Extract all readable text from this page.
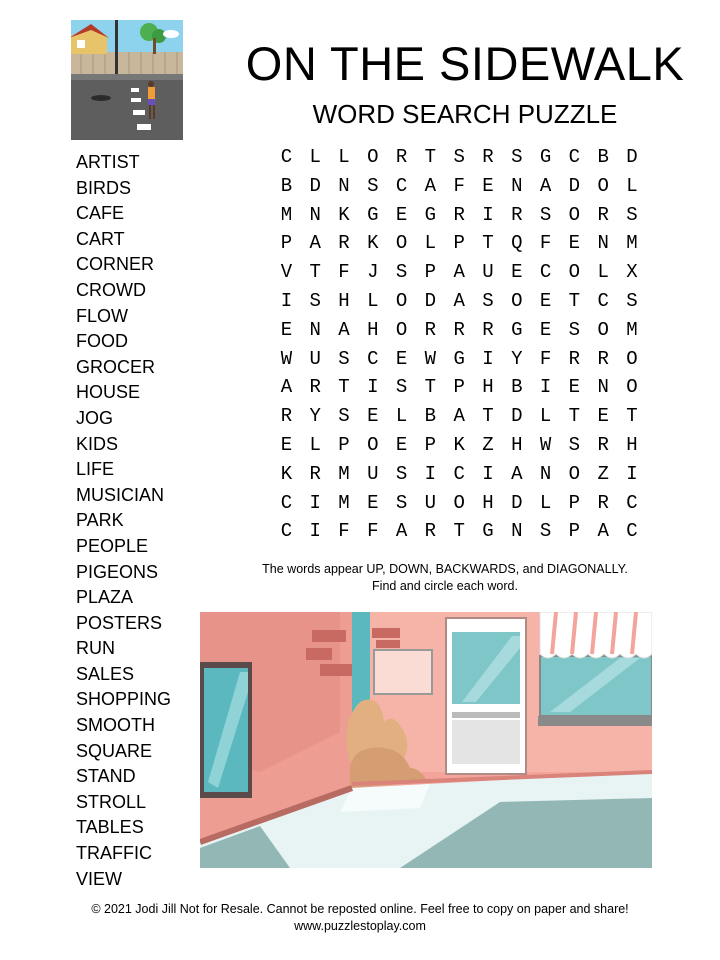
ON THE SIDEWALK
WORD SEARCH PUZZLE
ARTIST
BIRDS
CAFE
CART
CORNER
CROWD
FLOW
FOOD
GROCER
HOUSE
JOG
KIDS
LIFE
MUSICIAN
PARK
PEOPLE
PIGEONS
PLAZA
POSTERS
RUN
SALES
SHOPPING
SMOOTH
SQUARE
STAND
STROLL
TABLES
TRAFFIC
VIEW
C L L O R T S R S G C B D
B D N S C A F E N A D O L
M N K G E G R I R S O R S
P A R K O L P T Q F E N M
V T F J S P A U E C O L X
I S H L O D A S O E T C S
E N A H O R R R G E S O M
W U S C E W G I Y F R R O
A R T I S T P H B I E N O
R Y S E L B A T D L T E T
E L P O E P K Z H W S R H
K R M U S I C I A N O Z I
C I M E S U O H D L P R C
C I F F A R T G N S P A C
The words appear UP, DOWN, BACKWARDS, and DIAGONALLY.
Find and circle each word.
© 2021 Jodi Jill Not for Resale. Cannot be reposted online. Feel free to copy on paper and share!
www.puzzlestoplay.com
